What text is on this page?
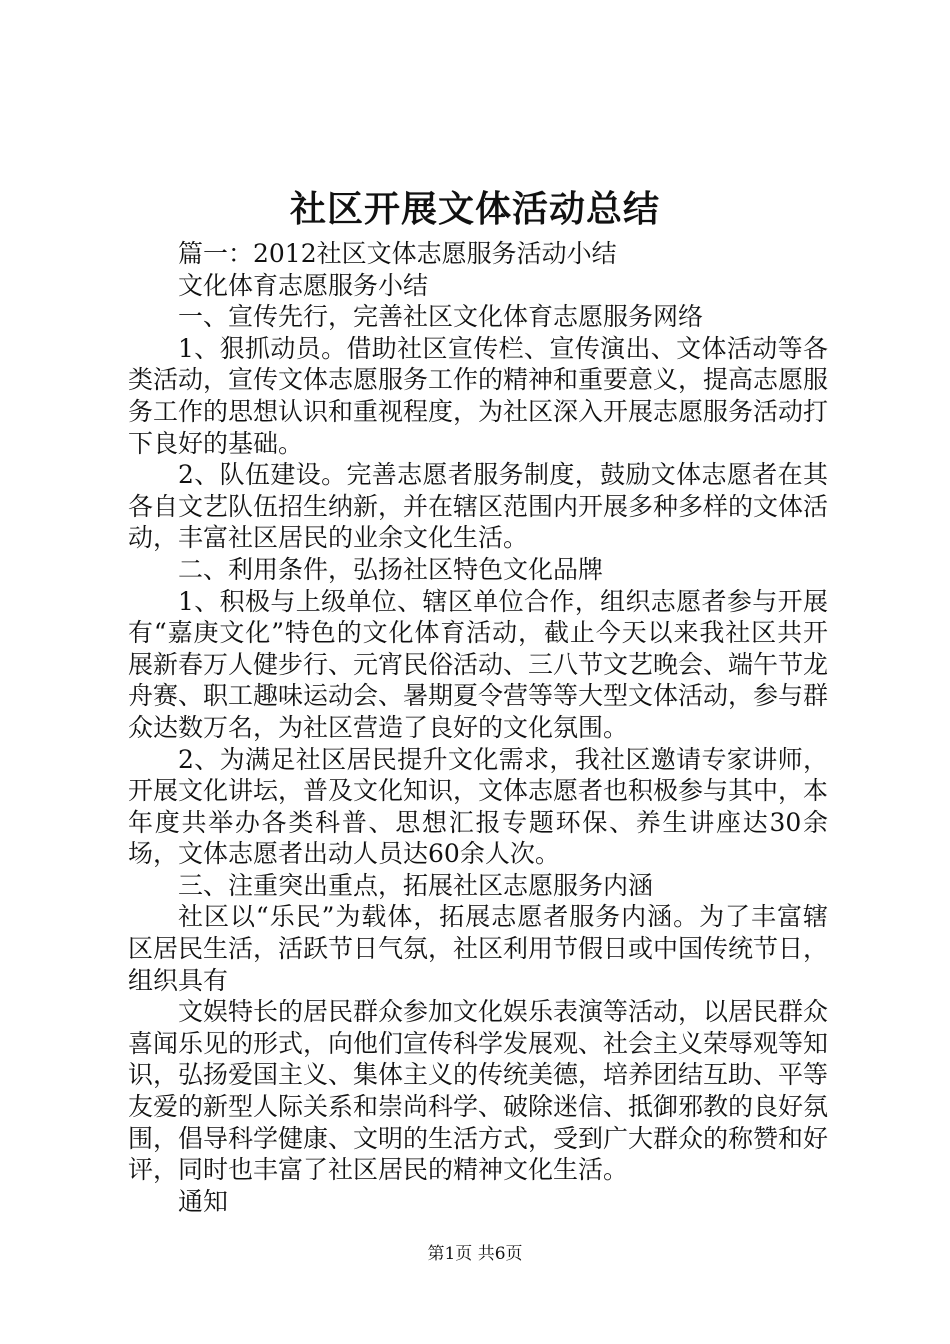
社区开展文体活动总结

篇一：2012社区文体志愿服务活动小结

文化体育志愿服务小结

一、宣传先行，完善社区文化体育志愿服务网络

1、狠抓动员。借助社区宣传栏、宣传演出、文体活动等各类活动，宣传文体志愿服务工作的精神和重要意义，提高志愿服务工作的思想认识和重视程度，为社区深入开展志愿服务活动打下良好的基础。

2、队伍建设。完善志愿者服务制度，鼓励文体志愿者在其各自文艺队伍招生纳新，并在辖区范围内开展多种多样的文体活动，丰富社区居民的业余文化生活。

二、利用条件，弘扬社区特色文化品牌

1、积极与上级单位、辖区单位合作，组织志愿者参与开展有“嘉庚文化”特色的文化体育活动，截止今天以来我社区共开展新春万人健步行、元宵民俗活动、三八节文艺晚会、端午节龙舟赛、职工趣味运动会、暑期夏令营等等大型文体活动，参与群众达数万名，为社区营造了良好的文化氛围。

2、为满足社区居民提升文化需求，我社区邀请专家讲师，开展文化讲坛，普及文化知识，文体志愿者也积极参与其中，本年度共举办各类科普、思想汇报专题环保、养生讲座达30余场，文体志愿者出动人员达60余人次。

三、注重突出重点，拓展社区志愿服务内涵

社区以“乐民”为载体，拓展志愿者服务内涵。为了丰富辖区居民生活，活跃节日气氛，社区利用节假日或中国传统节日，组织具有

文娱特长的居民群众参加文化娱乐表演等活动，以居民群众喜闻乐见的形式，向他们宣传科学发展观、社会主义荣辱观等知识，弘扬爱国主义、集体主义的传统美德，培养团结互助、平等友爱的新型人际关系和崇尚科学、破除迷信、抵御邪教的良好氛围，倡导科学健康、文明的生活方式，受到广大群众的称赞和好评，同时也丰富了社区居民的精神文化生活。

通知

第1页 共6页
